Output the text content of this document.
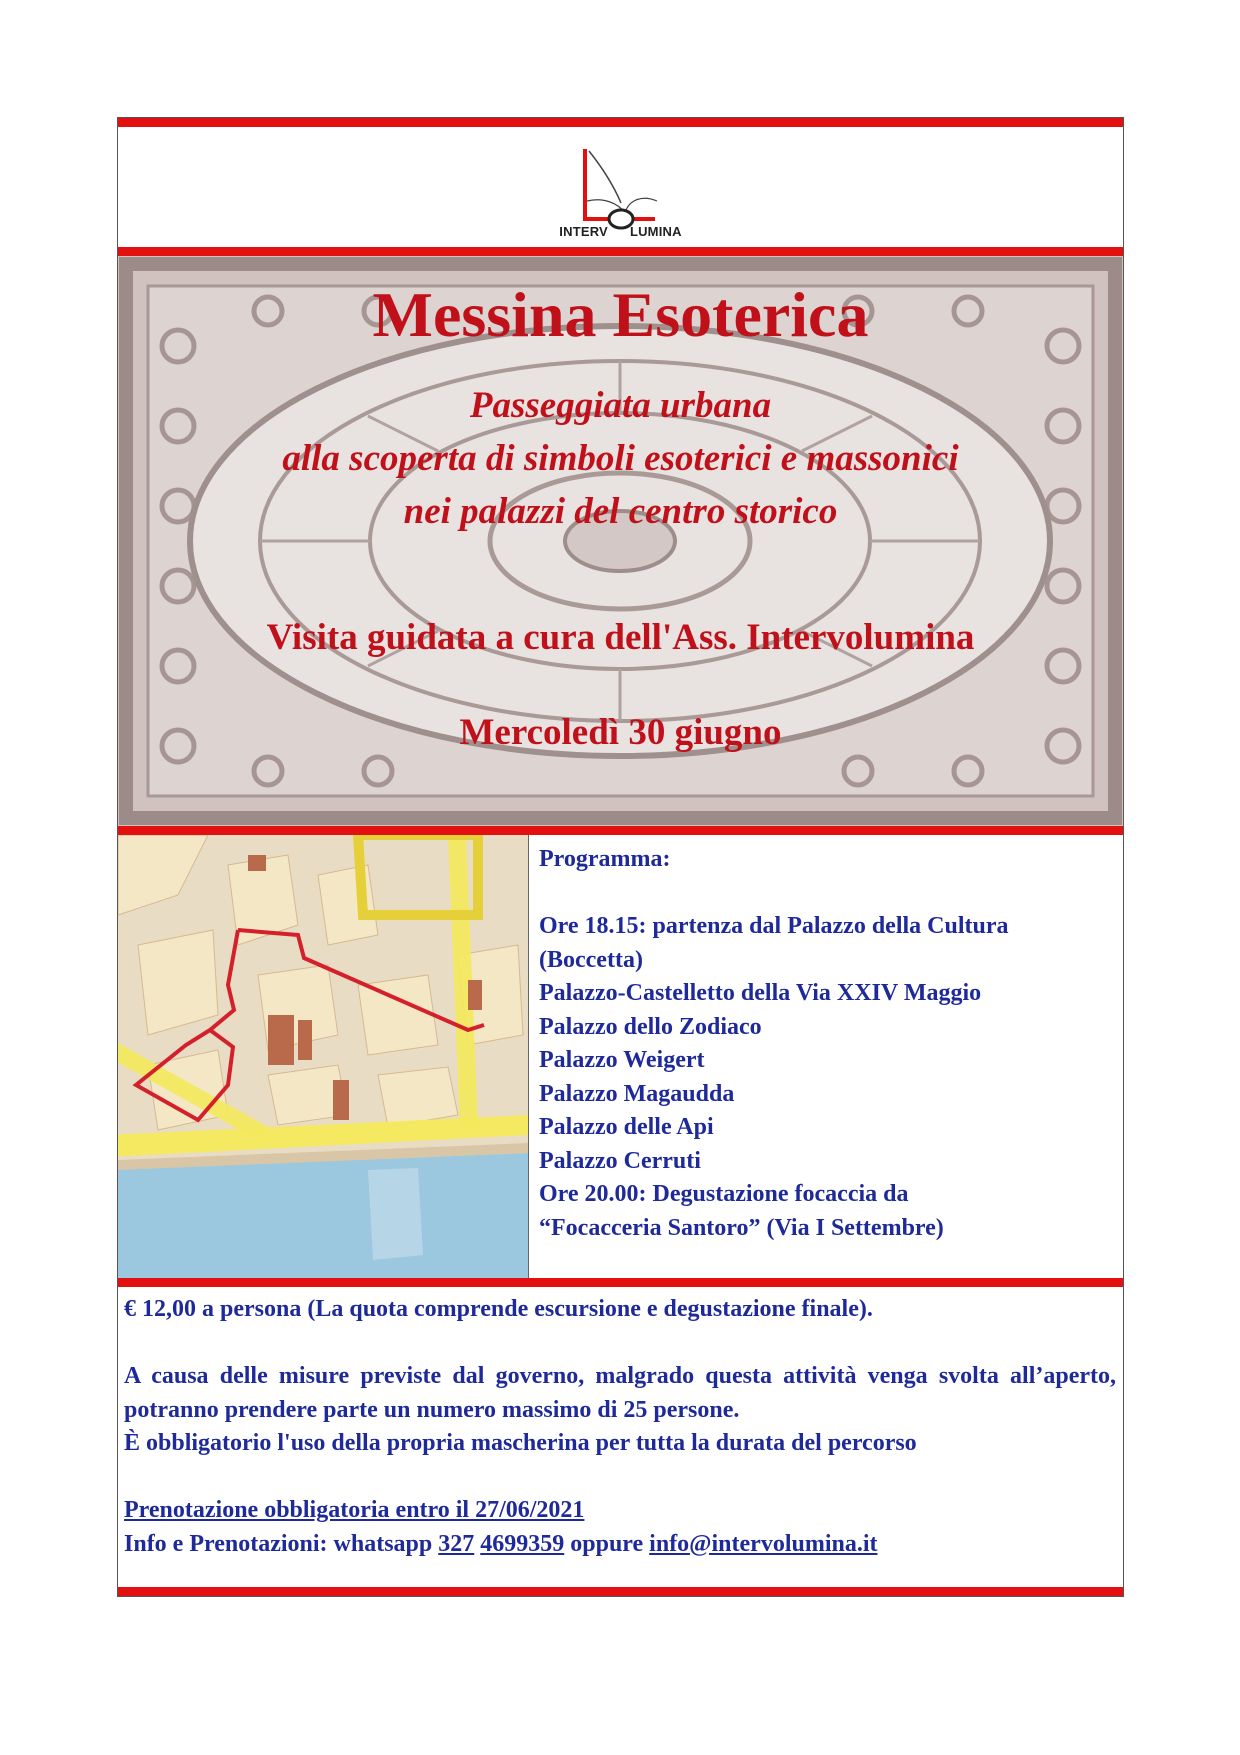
INTERV LUMINA
Messina Esoterica
Passeggiata urbana
alla scoperta di simboli esoterici e massonici
nei palazzi del centro storico
Visita guidata a cura dell'Ass. Intervolumina
Mercoledì 30 giugno
Programma:
Ore 18.15: partenza dal Palazzo della Cultura
(Boccetta)
Palazzo-Castelletto della Via XXIV Maggio
Palazzo dello Zodiaco
Palazzo Weigert
Palazzo Magaudda
Palazzo delle Api
Palazzo Cerruti
Ore 20.00: Degustazione focaccia da
“Focacceria Santoro” (Via I Settembre)

€ 12,00 a persona (La quota comprende escursione e degustazione finale).

A causa delle misure previste dal governo, malgrado questa attività venga svolta all’aperto, potranno prendere parte un numero massimo di 25 persone.

È obbligatorio l'uso della propria mascherina per tutta la durata del percorso

Prenotazione obbligatoria entro il 27/06/2021

Info e Prenotazioni: whatsapp 327 4699359 oppure info@intervolumina.it
